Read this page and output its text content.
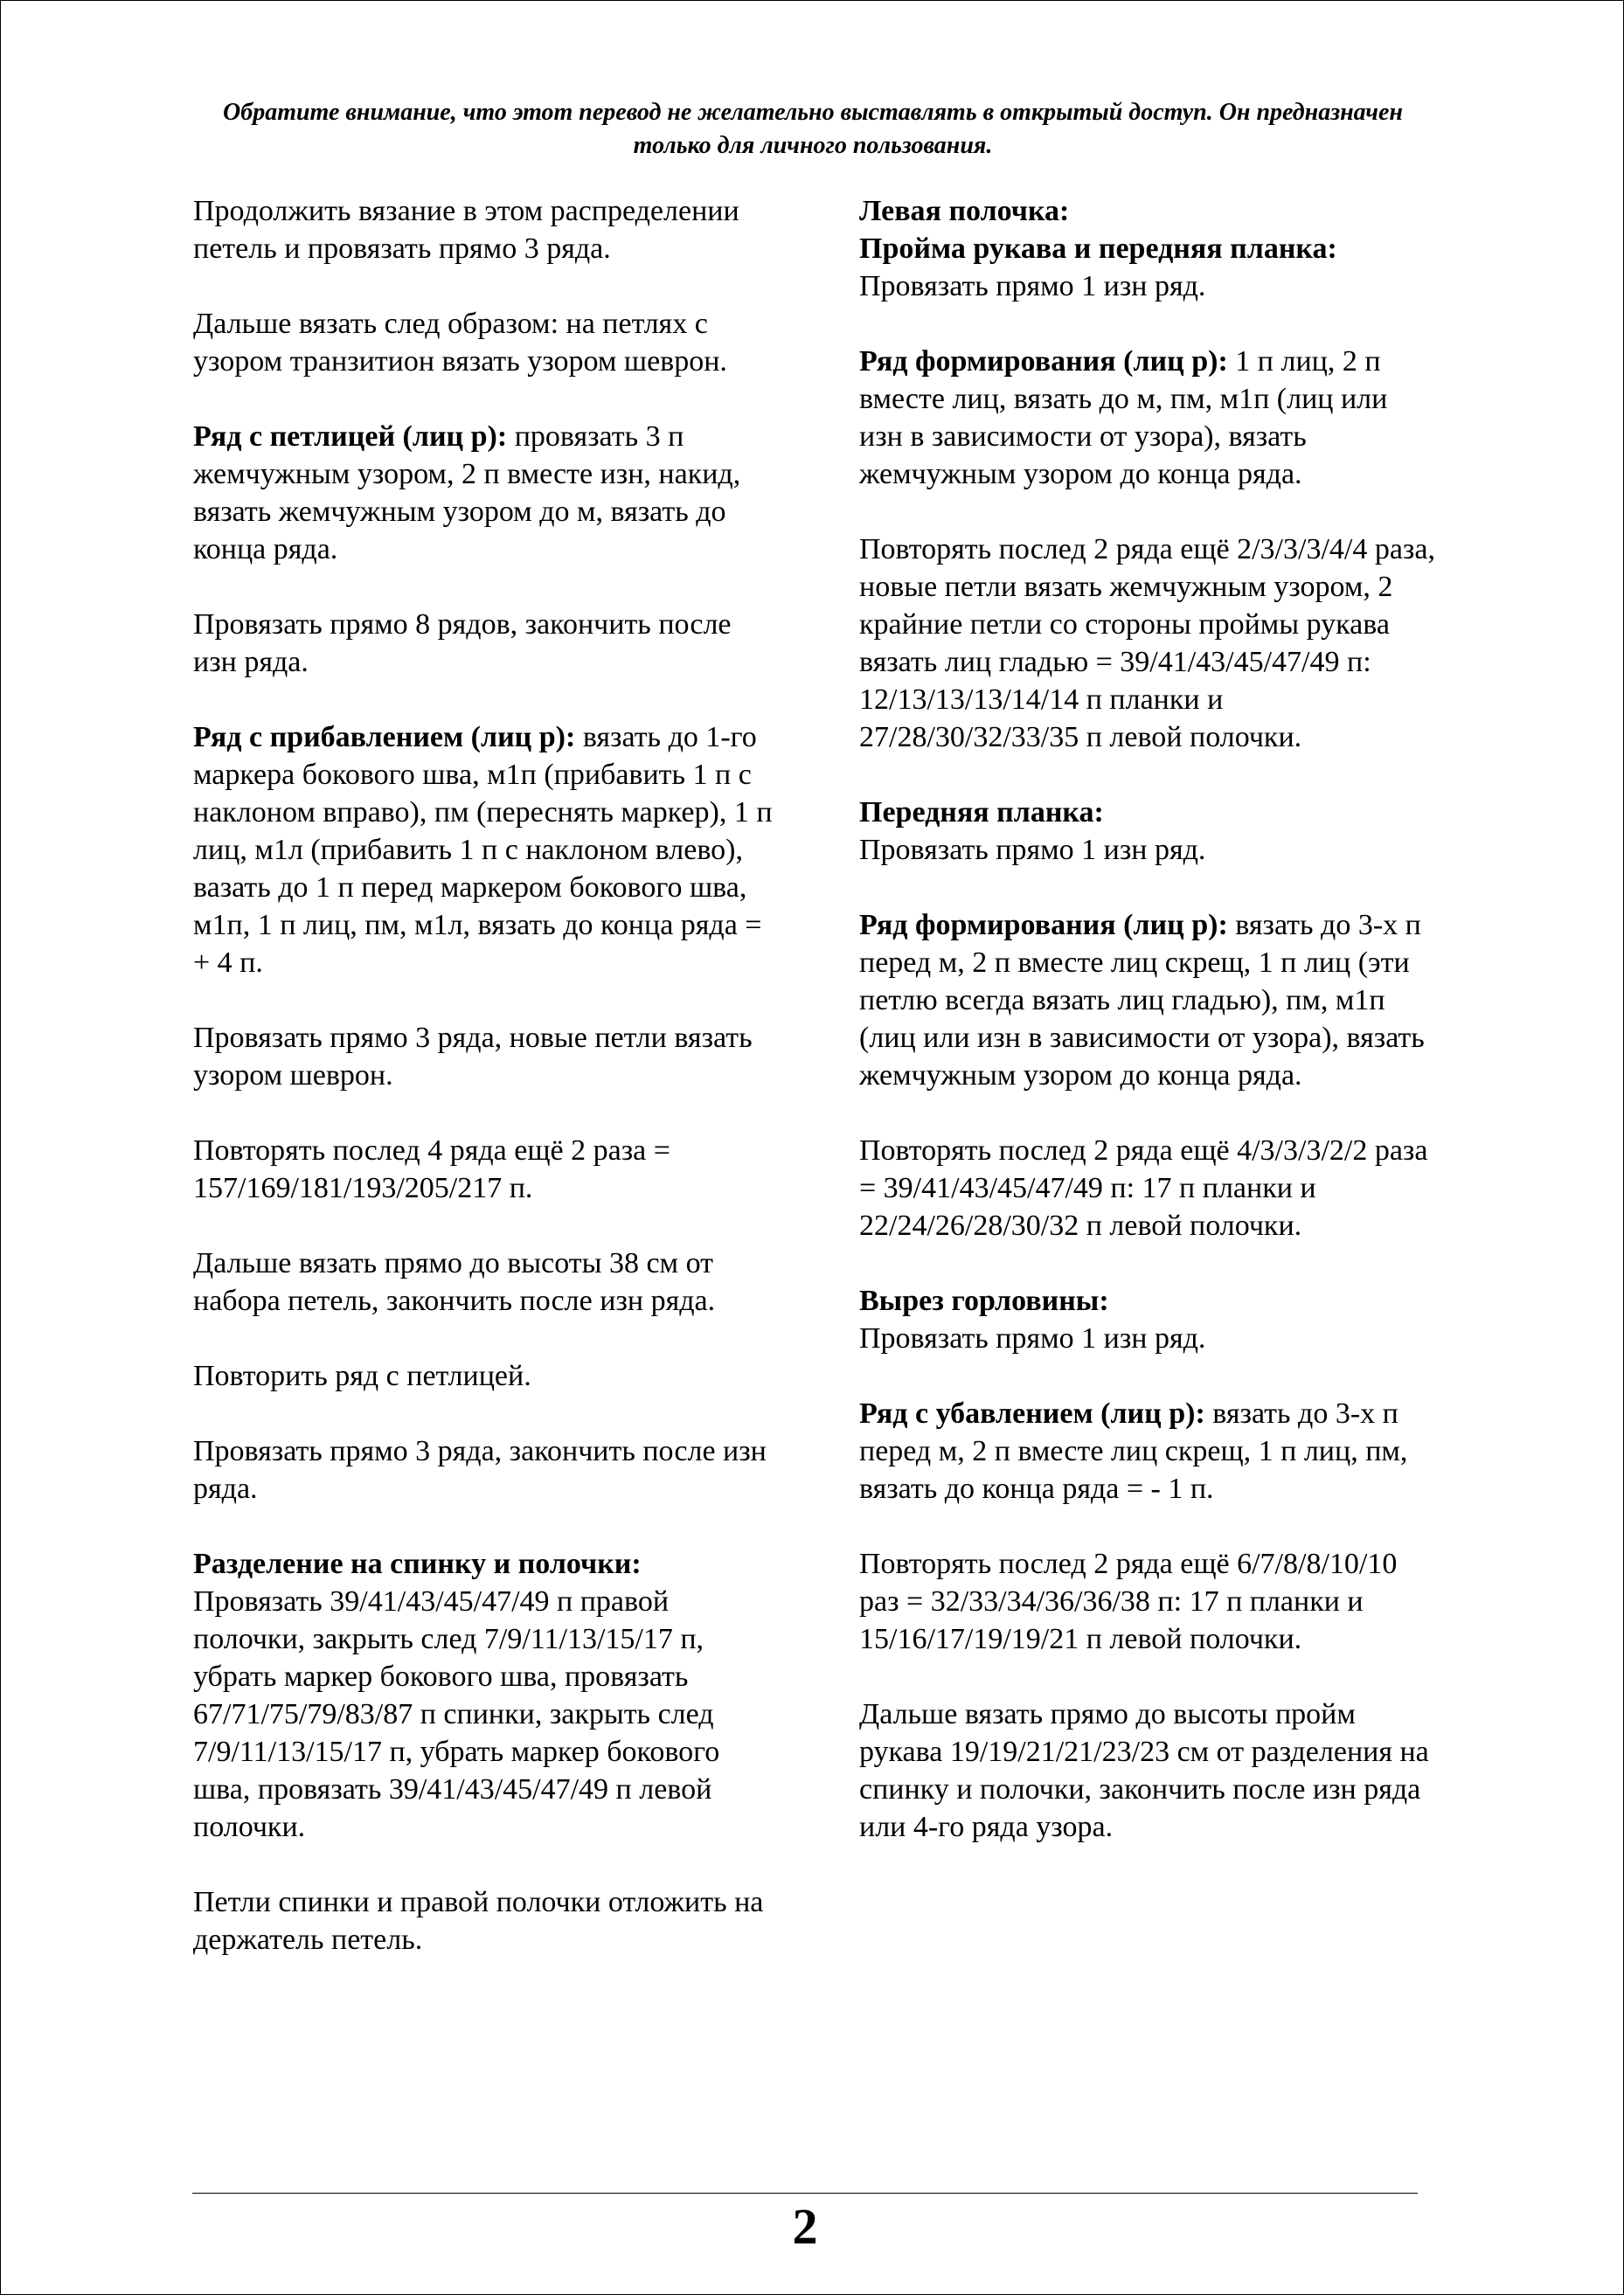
Обратите внимание, что этот перевод не желательно выставлять в открытый доступ. Он предназначен только для личного пользования.
Продолжить вязание в этом распределении петель и провязать прямо 3 ряда.
Дальше вязать след образом: на петлях с узором транзитион вязать узором шеврон.
Ряд с петлицей (лиц р): провязать 3 п жемчужным узором, 2 п вместе изн, накид, вязать жемчужным узором до м, вязать до конца ряда.
Провязать прямо 8 рядов, закончить после изн ряда.
Ряд с прибавлением (лиц р): вязать до 1-го маркера бокового шва, м1п (прибавить 1 п с наклоном вправо), пм (переснять маркер), 1 п лиц, м1л (прибавить 1 п с наклоном влево), вазать до 1 п перед маркером бокового шва, м1п, 1 п лиц, пм, м1л, вязать до конца ряда = + 4 п.
Провязать прямо 3 ряда, новые петли вязать узором шеврон.
Повторять послед 4 ряда ещё 2 раза = 157/169/181/193/205/217 п.
Дальше вязать прямо до высоты 38 см от набора петель, закончить после изн ряда.
Повторить ряд с петлицей.
Провязать прямо 3 ряда, закончить после изн ряда.
Разделение на спинку и полочки:
Провязать 39/41/43/45/47/49 п правой полочки, закрыть след 7/9/11/13/15/17 п, убрать маркер бокового шва, провязать 67/71/75/79/83/87 п спинки, закрыть след 7/9/11/13/15/17 п, убрать маркер бокового шва, провязать 39/41/43/45/47/49 п левой полочки.
Петли спинки и правой полочки отложить на держатель петель.
Левая полочка:
Пройма рукава и передняя планка:
Провязать прямо 1 изн ряд.
Ряд формирования (лиц р): 1 п лиц, 2 п вместе лиц, вязать до м, пм, м1п (лиц или изн в зависимости от узора), вязать жемчужным узором до конца ряда.
Повторять послед 2 ряда ещё 2/3/3/3/4/4 раза, новые петли вязать жемчужным узором, 2 крайние петли со стороны проймы рукава вязать лиц гладью = 39/41/43/45/47/49 п: 12/13/13/13/14/14 п планки и 27/28/30/32/33/35 п левой полочки.
Передняя планка:
Провязать прямо 1 изн ряд.
Ряд формирования (лиц р): вязать до 3-х п перед м, 2 п вместе лиц скрещ, 1 п лиц (эти петлю всегда вязать лиц гладью), пм, м1п (лиц или изн в зависимости от узора), вязать жемчужным узором до конца ряда.
Повторять послед 2 ряда ещё 4/3/3/3/2/2 раза = 39/41/43/45/47/49 п: 17 п планки и 22/24/26/28/30/32 п левой полочки.
Вырез горловины:
Провязать прямо 1 изн ряд.
Ряд с убавлением (лиц р): вязать до 3-х п перед м, 2 п вместе лиц скрещ, 1 п лиц, пм, вязать до конца ряда = - 1 п.
Повторять послед 2 ряда ещё 6/7/8/8/10/10 раз = 32/33/34/36/36/38 п: 17 п планки и 15/16/17/19/19/21 п левой полочки.
Дальше вязать прямо до высоты пройм рукава 19/19/21/21/23/23 см от разделения на спинку и полочки, закончить после изн ряда или 4-го ряда узора.
2
